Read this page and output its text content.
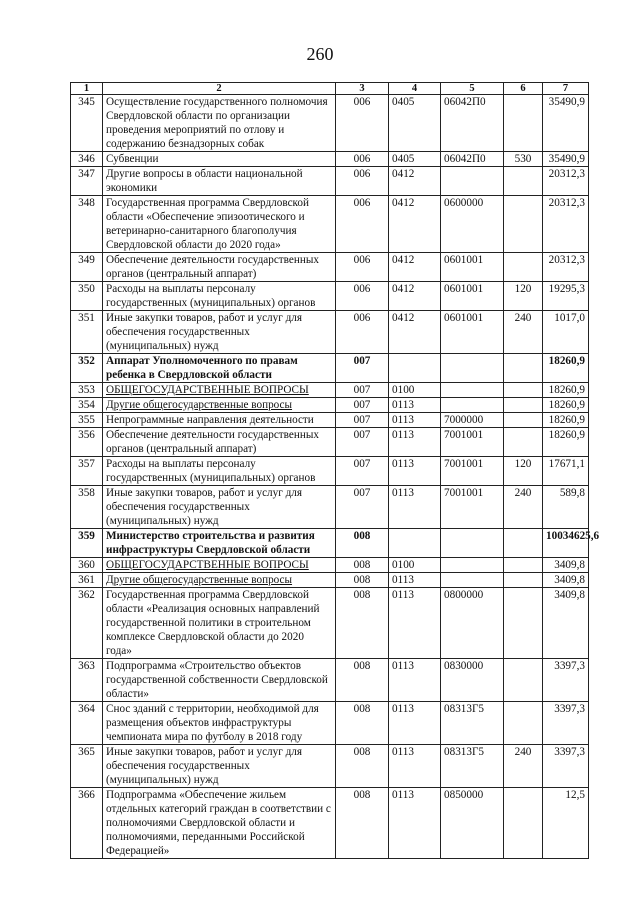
260
1	2	3	4	5	6	7
345	Осуществление государственного полномочия Свердловской области по организации проведения мероприятий по отлову и содержанию безнадзорных собак	006	0405	06042П0		35490,9
346	Субвенции	006	0405	06042П0	530	35490,9
347	Другие вопросы в области национальной экономики	006	0412			20312,3
348	Государственная программа Свердловской области «Обеспечение эпизоотического и ветеринарно-санитарного благополучия Свердловской области до 2020 года»	006	0412	0600000		20312,3
349	Обеспечение деятельности государственных органов (центральный аппарат)	006	0412	0601001		20312,3
350	Расходы на выплаты персоналу государственных (муниципальных) органов	006	0412	0601001	120	19295,3
351	Иные закупки товаров, работ и услуг для обеспечения государственных (муниципальных) нужд	006	0412	0601001	240	1017,0
352	Аппарат Уполномоченного по правам ребенка в Свердловской области	007				18260,9
353	ОБЩЕГОСУДАРСТВЕННЫЕ ВОПРОСЫ	007	0100			18260,9
354	Другие общегосударственные вопросы	007	0113			18260,9
355	Непрограммные направления деятельности	007	0113	7000000		18260,9
356	Обеспечение деятельности государственных органов (центральный аппарат)	007	0113	7001001		18260,9
357	Расходы на выплаты персоналу государственных (муниципальных) органов	007	0113	7001001	120	17671,1
358	Иные закупки товаров, работ и услуг для обеспечения государственных (муниципальных) нужд	007	0113	7001001	240	589,8
359	Министерство строительства и развития инфраструктуры Свердловской области	008				10034625,6
360	ОБЩЕГОСУДАРСТВЕННЫЕ ВОПРОСЫ	008	0100			3409,8
361	Другие общегосударственные вопросы	008	0113			3409,8
362	Государственная программа Свердловской области «Реализация основных направлений государственной политики в строительном комплексе Свердловской области до 2020 года»	008	0113	0800000		3409,8
363	Подпрограмма «Строительство объектов государственной собственности Свердловской области»	008	0113	0830000		3397,3
364	Снос зданий с территории, необходимой для размещения объектов инфраструктуры чемпионата мира по футболу в 2018 году	008	0113	08313Г5		3397,3
365	Иные закупки товаров, работ и услуг для обеспечения государственных (муниципальных) нужд	008	0113	08313Г5	240	3397,3
366	Подпрограмма «Обеспечение жильем отдельных категорий граждан в соответствии с полномочиями Свердловской области и полномочиями, переданными Российской Федерацией»	008	0113	0850000		12,5
